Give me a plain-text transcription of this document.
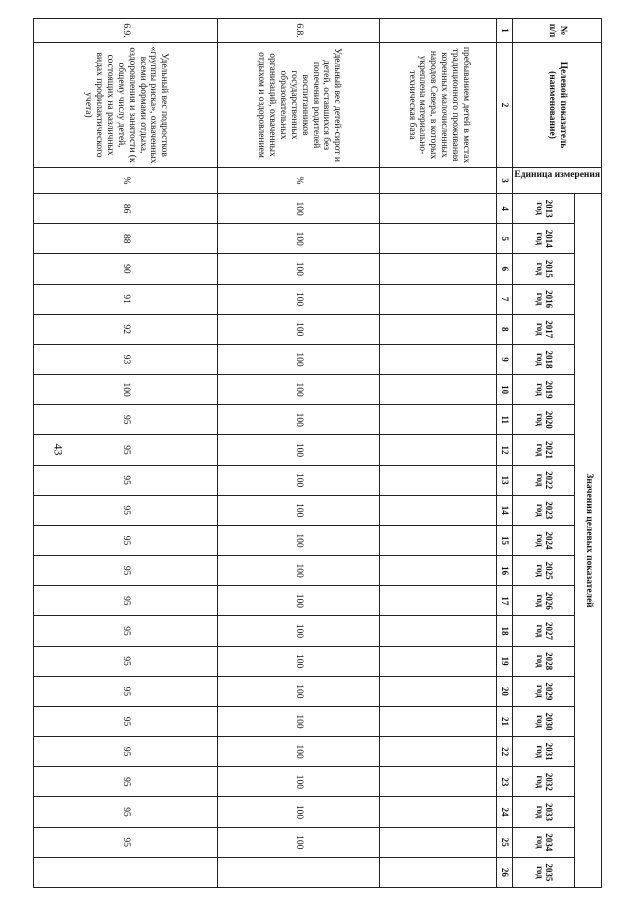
43
№ п/п	Целевой показатель (наименование)	Единица измерения	Значения целевых показателей																						
			2013 год	2014 год	2015 год	2016 год	2017 год	2018 год	2019 год	2020 год	2021 год	2022 год	2023 год	2024 год	2025 год	2026 год	2027 год	2028 год	2029 год	2030 год	2031 год	2032 год	2033 год	2034 год	2035 год
1	2	3	4	5	6	7	8	9	10	11	12	13	14	15	16	17	18	19	20	21	22	23	24	25	26
	пребыванием детей в местах традиционного проживания коренных малочисленных народов Севера, в которых укреплена материально-техническая база																								
6.8.	Удельный вес детей-сирот и детей, оставшихся без попечения родителей воспитанников государственных образовательных организаций, охваченных отдыхом и оздоровлением	%	100	100	100	100	100	100	100	100	100	100	100	100	100	100	100	100	100	100	100	100	100	100	
6.9.	Удельный вес подростков «группы риска», охваченных всеми формами отдыха, оздоровления и занятости (к общему числу детей, состоящих на различных видах профилактического учета)	%	86	88	90	91	92	93	100	95	95	95	95	95	95	95	95	95	95	95	95	95	95	95	
